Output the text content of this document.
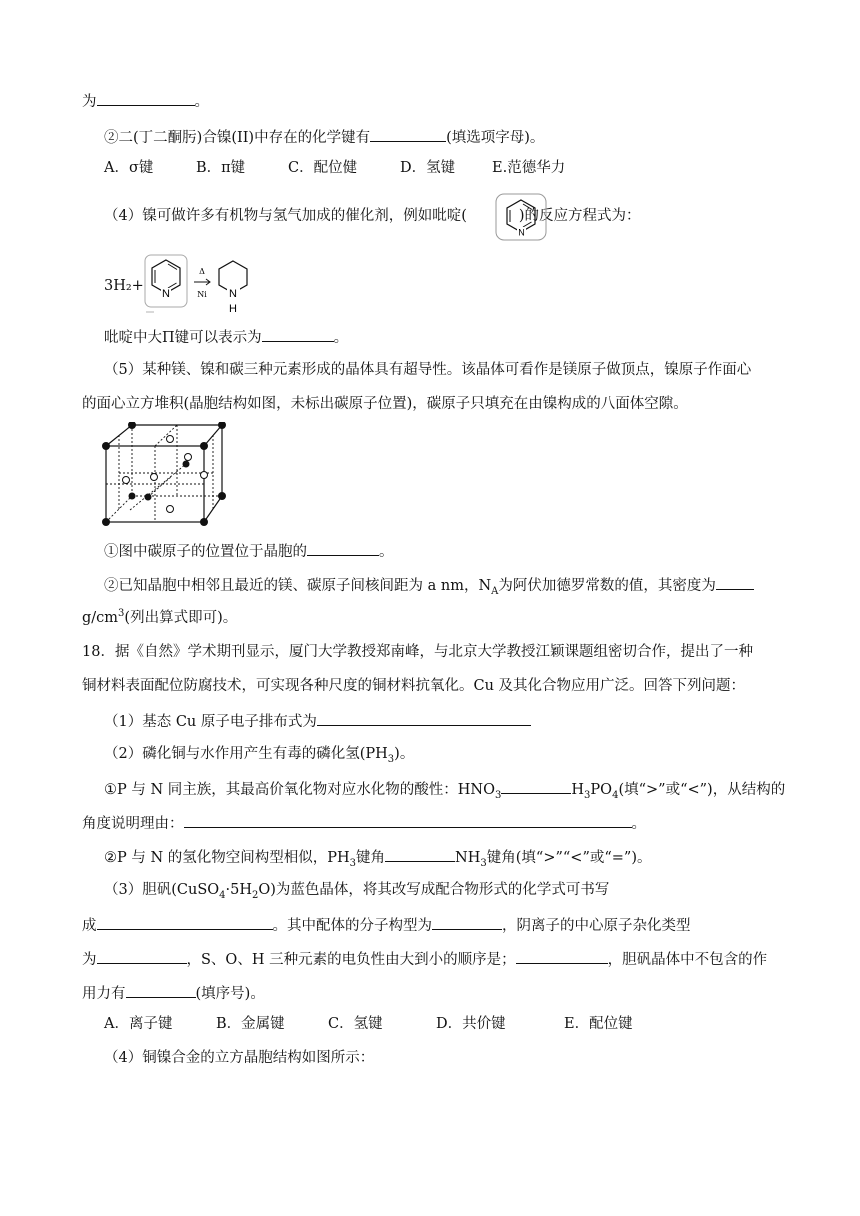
为	。
②二(丁二酮肟)合镍(II)中存在的化学键有	(填选项字母)。
A．σ键	B．π键	C．配位健	D．氢键	E.范德华力
（4）镍可做许多有机物与氢气加成的催化剂，例如吡啶(	)的反应方程式为：
N
3H₂+ N
Δ
Ni N
H
吡啶中大Π键可以表示为	。
（5）某种镁、镍和碳三种元素形成的晶体具有超导性。该晶体可看作是镁原子做顶点，镍原子作面心
的面心立方堆积(晶胞结构如图，未标出碳原子位置)，碳原子只填充在由镍构成的八面体空隙。
①图中碳原子的位置位于晶胞的	。
②已知晶胞中相邻且最近的镁、碳原子间核间距为 a nm，$N_A$为阿伏加德罗常数的值，其密度为
$g/cm^3$(列出算式即可)。
18．据《自然》学术期刊显示，厦门大学教授郑南峰，与北京大学教授江颖课题组密切合作，提出了一种
铜材料表面配位防腐技术，可实现各种尺度的铜材料抗氧化。Cu 及其化合物应用广泛。回答下列问题：
（1）基态 Cu 原子电子排布式为
（2）磷化铜与水作用产生有毒的磷化氢$(PH_3)$。
①P 与 N 同主族，其最高价氧化物对应水化物的酸性：$HNO_3$	$H_3PO_4$(填“>”或“<”)，从结构的
角度说明理由：	。
②P 与 N 的氢化物空间构型相似，$PH_3$键角	$NH_3$键角(填“>”“<”或“=”)。
（3）胆矾$(CuSO_4\cdot 5H_2O)$为蓝色晶体，将其改写成配合物形式的化学式可书写
成	。其中配体的分子构型为	，阴离子的中心原子杂化类型
为	，S、O、H 三种元素的电负性由大到小的顺序是；	，胆矾晶体中不包含的作
用力有	(填序号)。
A．离子键	B．金属键	C．氢键	D．共价键	E．配位键
（4）铜镍合金的立方晶胞结构如图所示：
